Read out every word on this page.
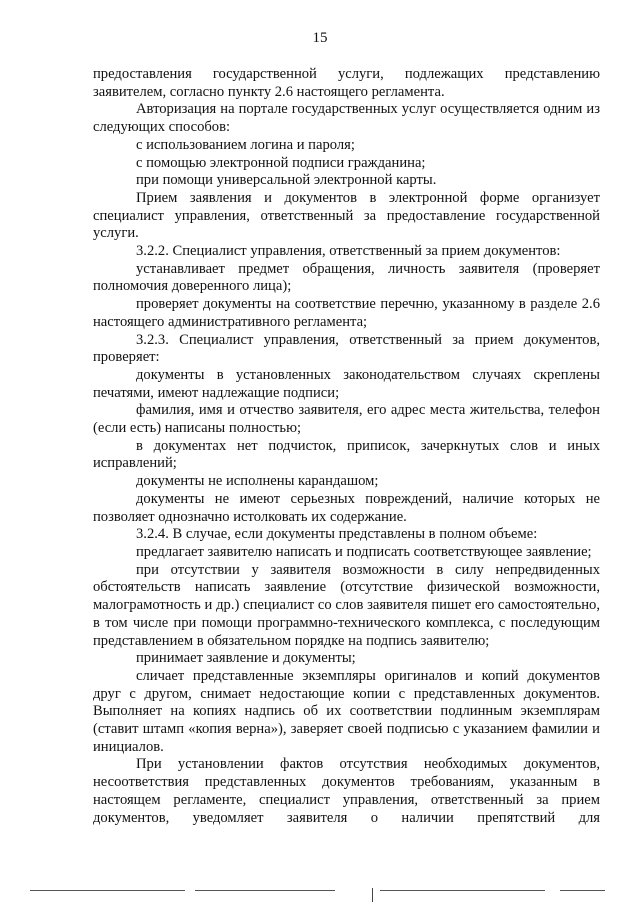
15

предоставления государственной услуги, подлежащих представлению заявителем, согласно пункту 2.6 настоящего регламента.

Авторизация на портале государственных услуг осуществляется одним из следующих способов:

с использованием логина и пароля;

с помощью электронной подписи гражданина;

при помощи универсальной электронной карты.

Прием заявления и документов в электронной форме организует специалист управления, ответственный за предоставление государственной услуги.

3.2.2. Специалист управления, ответственный за прием документов:

устанавливает предмет обращения, личность заявителя (проверяет полномочия доверенного лица);

проверяет документы на соответствие перечню, указанному в разделе 2.6 настоящего административного регламента;

3.2.3. Специалист управления, ответственный за прием документов, проверяет:

документы в установленных законодательством случаях скреплены печатями, имеют надлежащие подписи;

фамилия, имя и отчество заявителя, его адрес места жительства, телефон (если есть) написаны полностью;

в документах нет подчисток, приписок, зачеркнутых слов и иных исправлений;

документы не исполнены карандашом;

документы не имеют серьезных повреждений, наличие которых не позволяет однозначно истолковать их содержание.

3.2.4. В случае, если документы представлены в полном объеме:

предлагает заявителю написать и подписать соответствующее заявление;

при отсутствии у заявителя возможности в силу непредвиденных обстоятельств написать заявление (отсутствие физической возможности, малограмотность и др.) специалист со слов заявителя пишет его самостоятельно, в том числе при помощи программно-технического комплекса, с последующим представлением в обязательном порядке на подпись заявителю;

принимает заявление и документы;

сличает представленные экземпляры оригиналов и копий документов друг с другом, снимает недостающие копии с представленных документов. Выполняет на копиях надпись об их соответствии подлинным экземплярам (ставит штамп «копия верна»), заверяет своей подписью с указанием фамилии и инициалов.

При установлении фактов отсутствия необходимых документов, несоответствия представленных документов требованиям, указанным в настоящем регламенте, специалист управления, ответственный за прием документов, уведомляет заявителя о наличии препятствий для
